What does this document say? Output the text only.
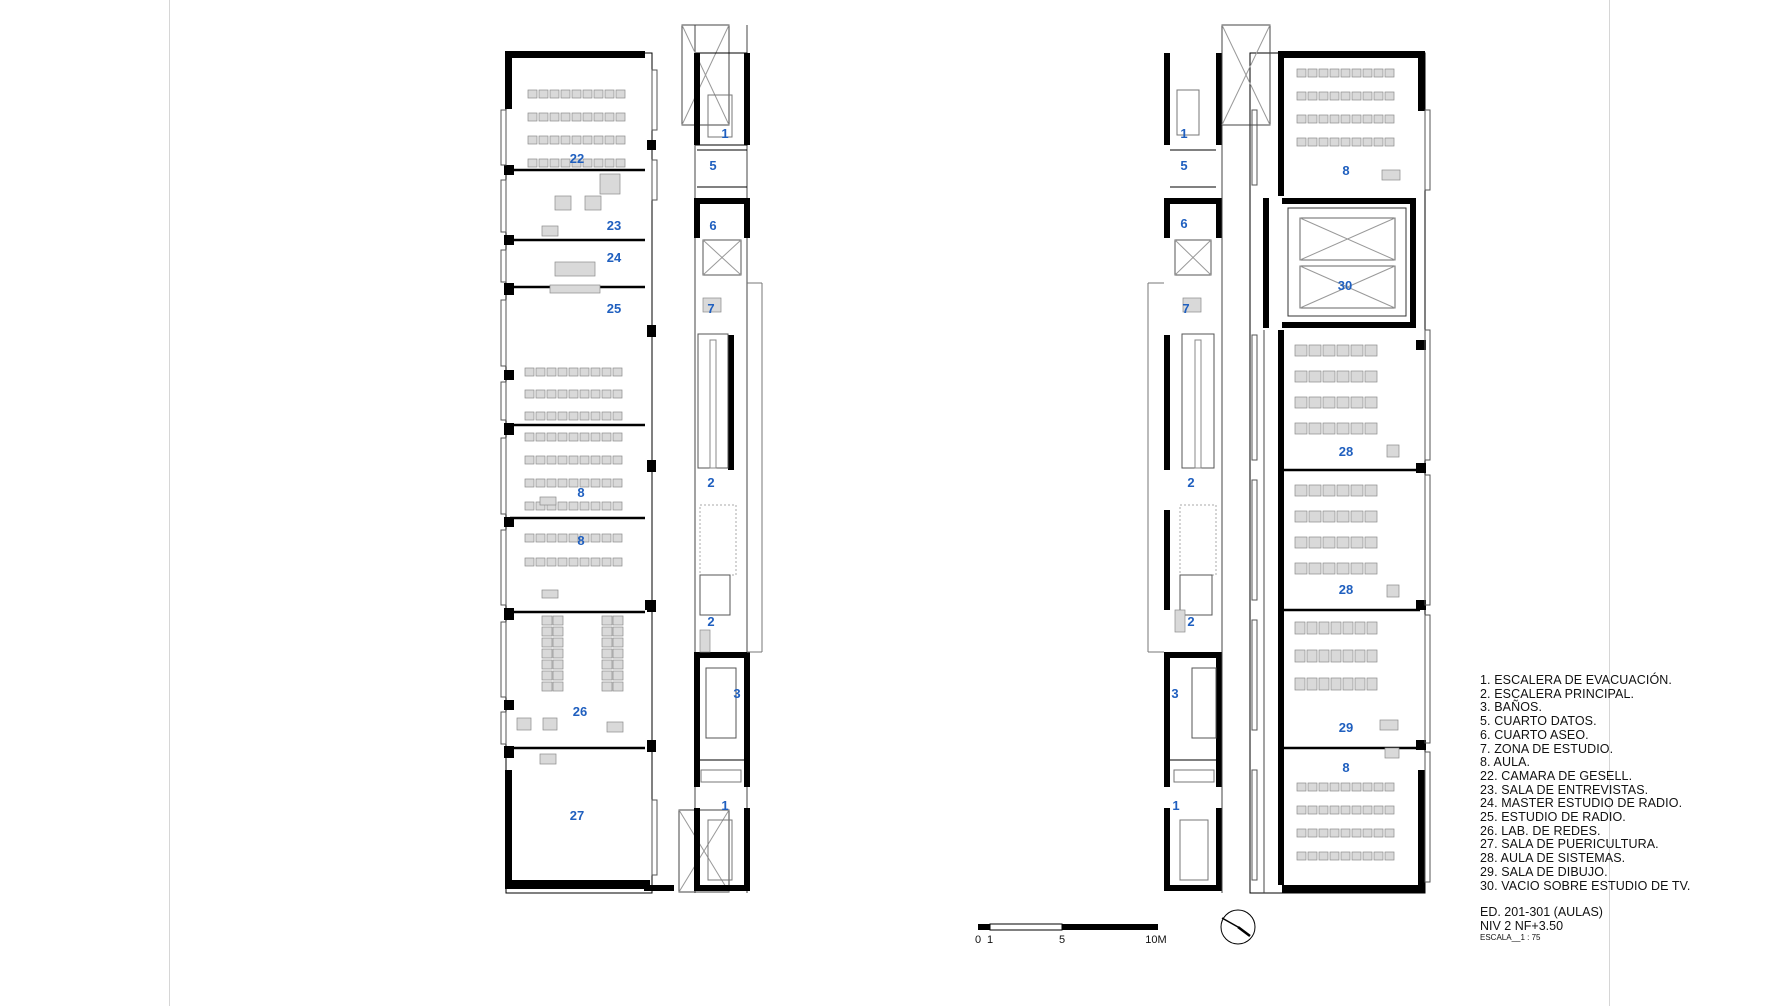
22
23
24
25
8
8
26
27
1
5
6
7
2
2
3
1
1
5
6
7
2
2
3
1
8
30
28
28
29
8
0 1	5	10M
1. ESCALERA DE EVACUACIÓN.
2. ESCALERA PRINCIPAL.
3. BAÑOS.
5. CUARTO DATOS.
6. CUARTO ASEO.
7. ZONA DE ESTUDIO.
8. AULA.
22. CAMARA DE GESELL.
23. SALA DE ENTREVISTAS.
24. MASTER ESTUDIO DE RADIO.
25. ESTUDIO DE RADIO.
26. LAB. DE REDES.
27. SALA DE PUERICULTURA.
28. AULA DE SISTEMAS.
29. SALA DE DIBUJO.
30. VACIO SOBRE ESTUDIO DE TV.
ED. 201-301 (AULAS)
NIV 2 NF+3.50
ESCALA__1 : 75
